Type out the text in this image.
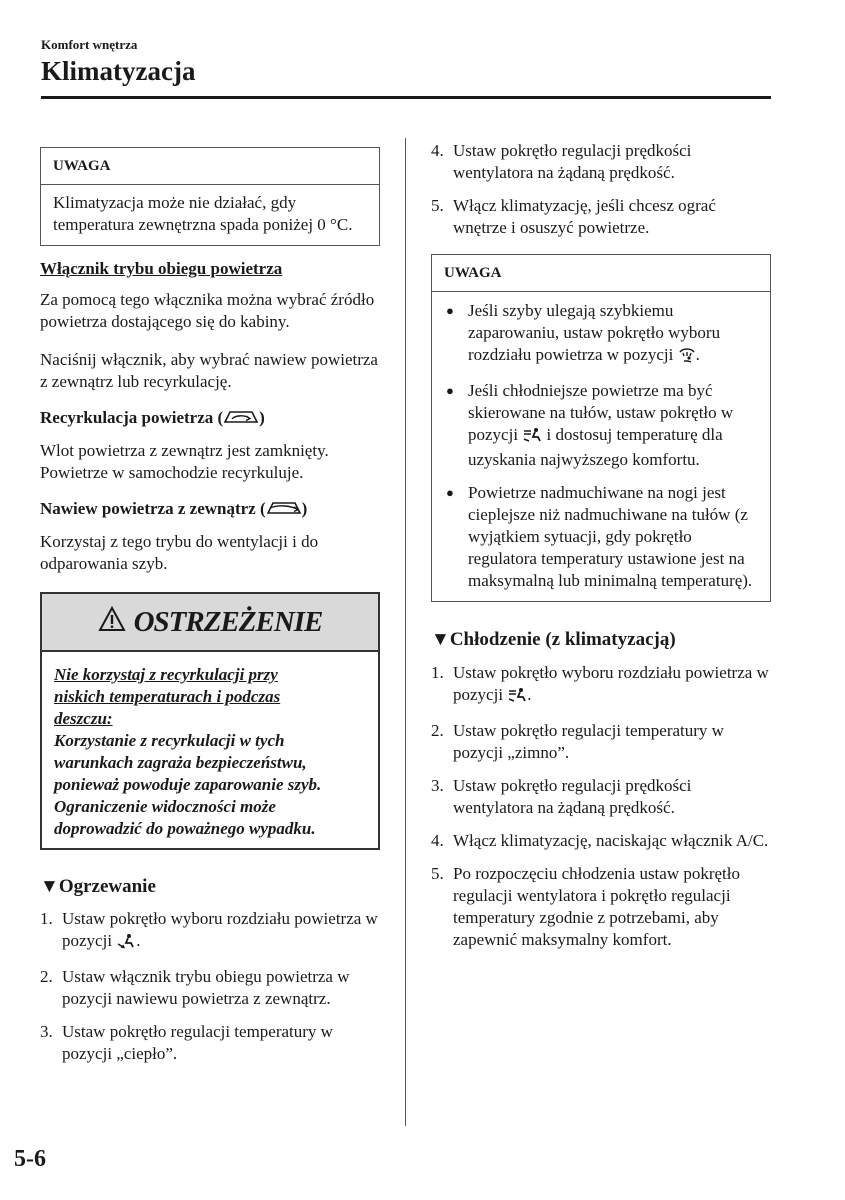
Komfort wnętrza
Klimatyzacja
UWAGA

Klimatyzacja może nie działać, gdy temperatura zewnętrzna spada poniżej 0 °C.

Włącznik trybu obiegu powietrza

Za pomocą tego włącznika można wybrać źródło powietrza dostającego się do kabiny.

Naciśnij włącznik, aby wybrać nawiew powietrza z zewnątrz lub recyrkulację.

Recyrkulacja powietrza ( )

Wlot powietrza z zewnątrz jest zamknięty. Powietrze w samochodzie recyrkuluje.

Nawiew powietrza z zewnątrz ( )

Korzystaj z tego trybu do wentylacji i do odparowania szyb.

OSTRZEŻENIE

Nie korzystaj z recyrkulacji przy

niskich temperaturach i podczas

deszczu:

Korzystanie z recyrkulacji w tych warunkach zagraża bezpieczeństwu, ponieważ powoduje zaparowanie szyb. Ograniczenie widoczności może doprowadzić do poważnego wypadku.

▼Ogrzewanie

1. Ustaw pokrętło wyboru rozdziału powietrza w pozycji .
2. Ustaw włącznik trybu obiegu powietrza w pozycji nawiewu powietrza z zewnątrz.
3. Ustaw pokrętło regulacji temperatury w pozycji „ciepło”.
4. Ustaw pokrętło regulacji prędkości wentylatora na żądaną prędkość.
5. Włącz klimatyzację, jeśli chcesz ograć wnętrze i osuszyć powietrze.
UWAGA
● Jeśli szyby ulegają szybkiemu zaparowaniu, ustaw pokrętło wyboru rozdziału powietrza w pozycji .
● Jeśli chłodniejsze powietrze ma być skierowane na tułów, ustaw pokrętło w pozycji i dostosuj temperaturę dla uzyskania najwyższego komfortu.
● Powietrze nadmuchiwane na nogi jest cieplejsze niż nadmuchiwane na tułów (z wyjątkiem sytuacji, gdy pokrętło regulatora temperatury ustawione jest na maksymalną lub minimalną temperaturę).

▼Chłodzenie (z klimatyzacją)

1. Ustaw pokrętło wyboru rozdziału powietrza w pozycji .
2. Ustaw pokrętło regulacji temperatury w pozycji „zimno”.
3. Ustaw pokrętło regulacji prędkości wentylatora na żądaną prędkość.
4. Włącz klimatyzację, naciskając włącznik A/C.
5. Po rozpoczęciu chłodzenia ustaw pokrętło regulacji wentylatora i pokrętło regulacji temperatury zgodnie z potrzebami, aby zapewnić maksymalny komfort.
5-6
